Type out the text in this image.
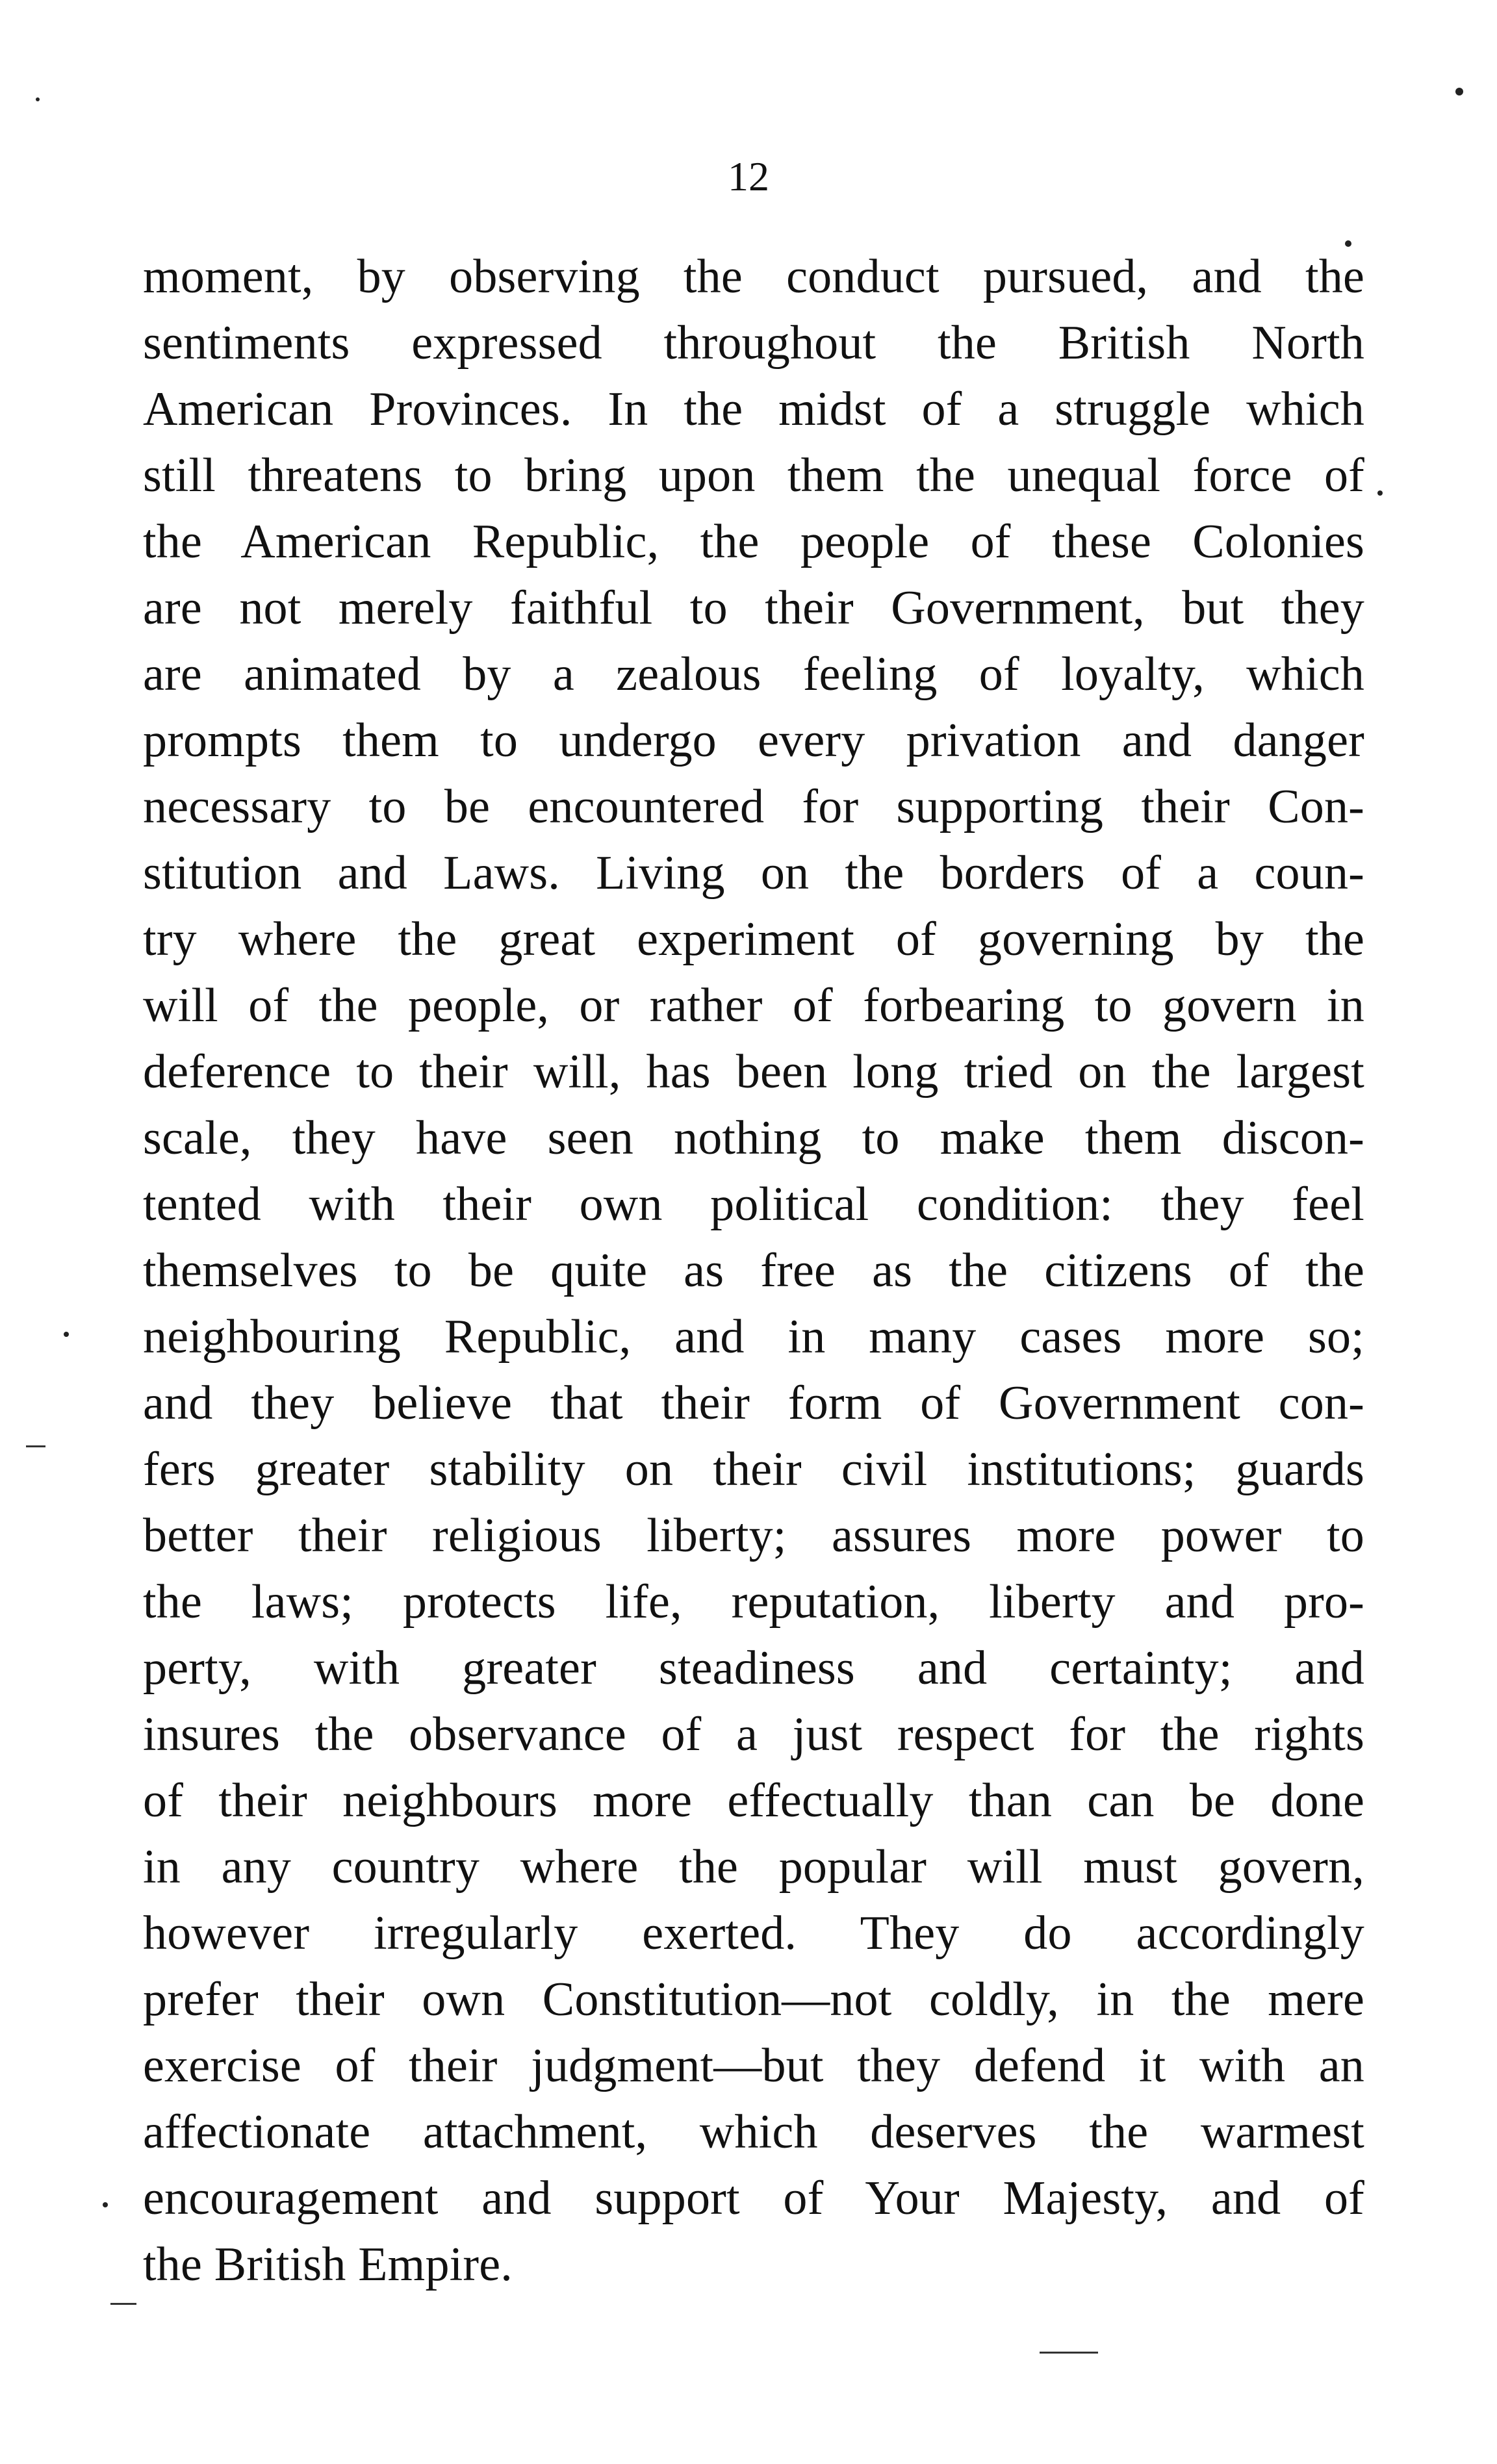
12
moment, by observing the conduct pursued, and the
sentiments expressed throughout the British North
American Provinces. In the midst of a struggle which
still threatens to bring upon them the unequal force of
the American Republic, the people of these Colonies
are not merely faithful to their Government, but they
are animated by a zealous feeling of loyalty, which
prompts them to undergo every privation and danger
necessary to be encountered for supporting their Con-
stitution and Laws. Living on the borders of a coun-
try where the great experiment of governing by the
will of the people, or rather of forbearing to govern in
deference to their will, has been long tried on the largest
scale, they have seen nothing to make them discon-
tented with their own political condition: they feel
themselves to be quite as free as the citizens of the
neighbouring Republic, and in many cases more so;
and they believe that their form of Government con-
fers greater stability on their civil institutions; guards
better their religious liberty; assures more power to
the laws; protects life, reputation, liberty and pro-
perty, with greater steadiness and certainty; and
insures the observance of a just respect for the rights
of their neighbours more effectually than can be done
in any country where the popular will must govern,
however irregularly exerted. They do accordingly
prefer their own Constitution—not coldly, in the mere
exercise of their judgment—but they defend it with an
affectionate attachment, which deserves the warmest
encouragement and support of Your Majesty, and of
the British Empire.
